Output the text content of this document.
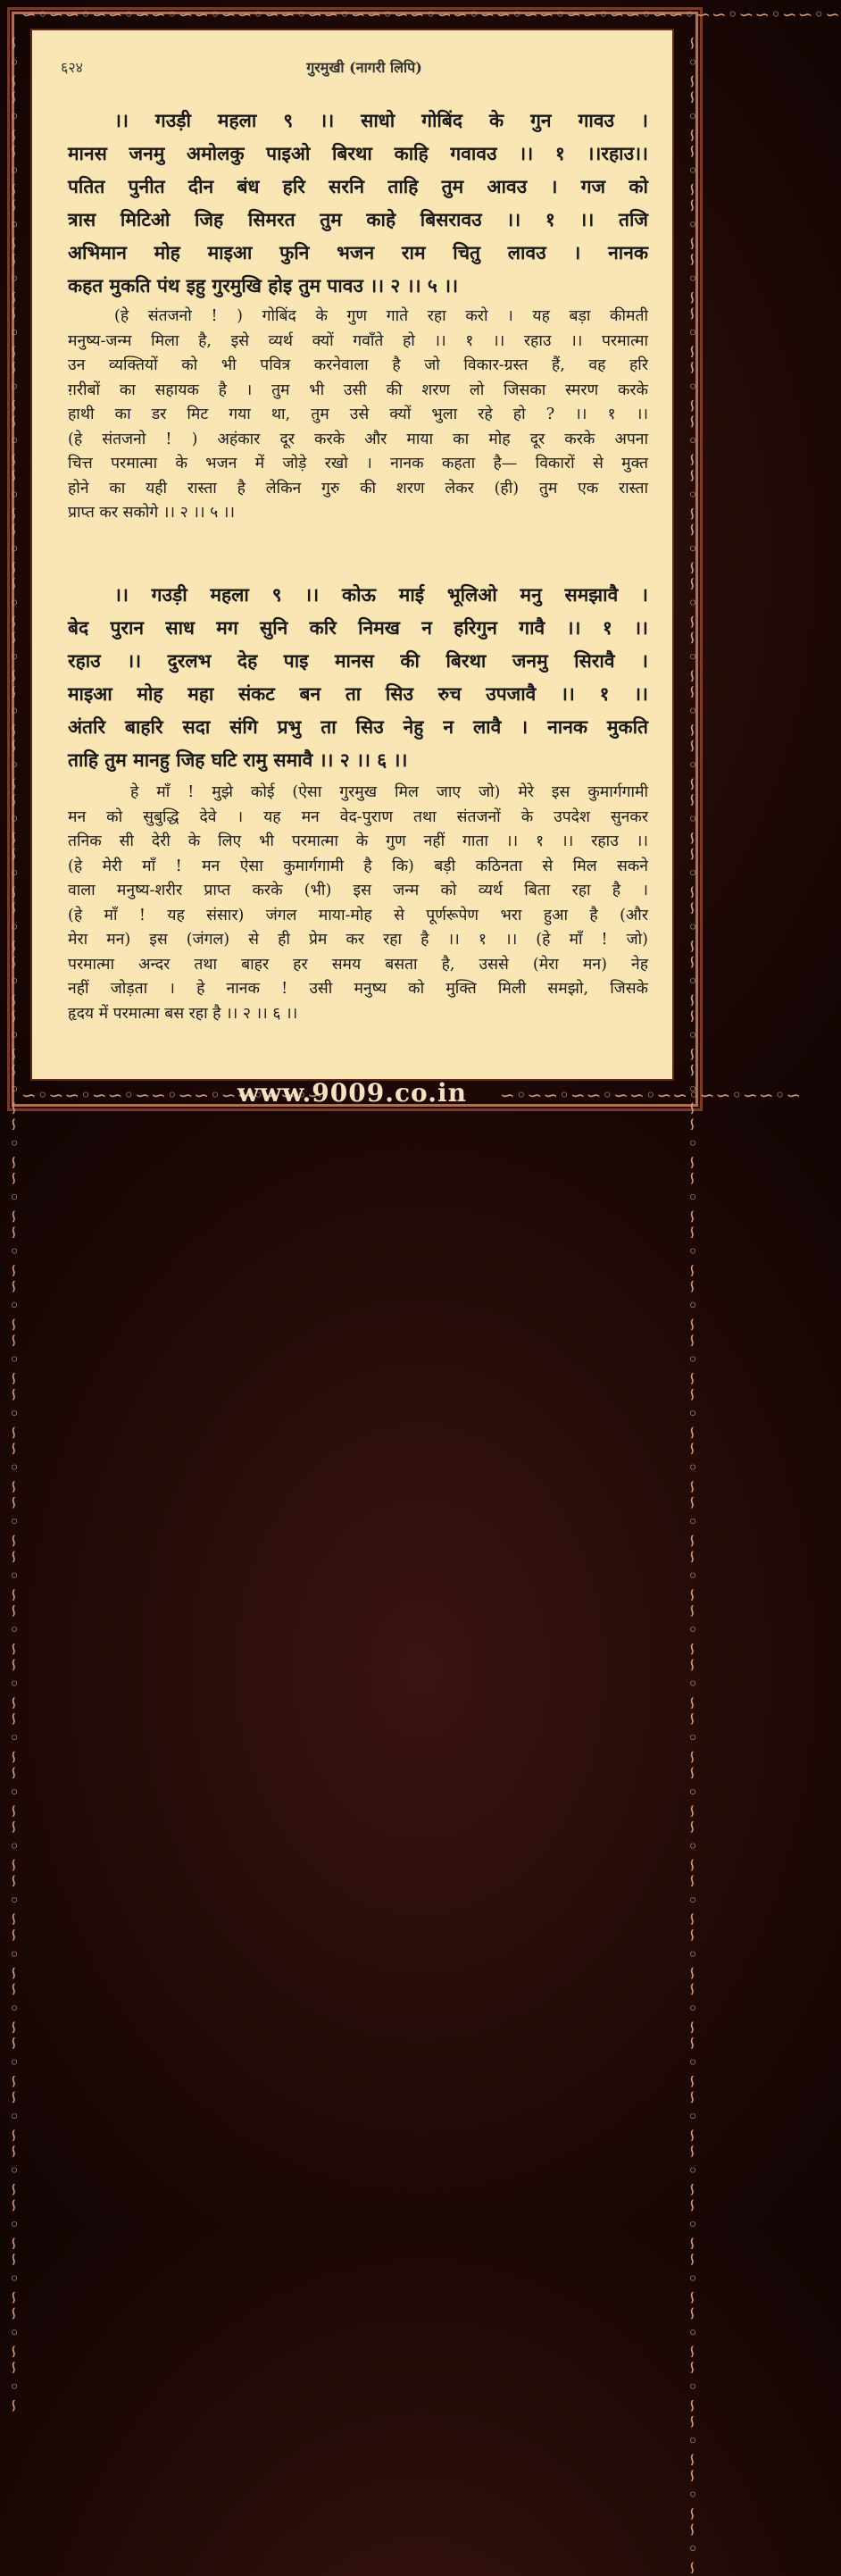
∽◦∽∽◦∽∽◦∽∽◦∽∽◦∽∽◦∽∽◦∽∽◦∽∽◦∽∽◦∽∽◦∽∽◦∽∽◦∽∽◦∽∽◦∽∽◦∽∽◦∽∽◦∽∽◦∽
∽◦∽∽◦∽∽◦∽∽◦∽∽◦∽∽◦∽∽◦∽∽◦∽∽◦∽∽◦∽∽◦∽∽◦∽∽◦∽∽◦∽∽◦∽∽◦∽∽◦∽∽◦∽∽◦∽∽◦∽∽◦∽∽◦∽∽◦∽∽◦∽∽◦∽∽◦∽∽◦∽∽◦∽∽◦∽∽◦∽∽◦∽∽◦∽∽◦∽∽◦∽∽◦∽∽◦∽∽◦∽∽◦∽∽◦∽∽◦∽∽◦∽∽◦∽∽◦∽∽◦∽	∽◦∽∽◦∽∽◦∽∽◦∽∽◦∽∽◦∽∽◦∽∽◦∽∽◦∽∽◦∽∽◦∽∽◦∽∽◦∽∽◦∽∽◦∽∽◦∽∽◦∽∽◦∽∽◦∽∽◦∽∽◦∽∽◦∽∽◦∽∽◦∽∽◦∽∽◦∽∽◦∽∽◦∽∽◦∽∽◦∽∽◦∽∽◦∽∽◦∽∽◦∽∽◦∽∽◦∽∽◦∽∽◦∽∽◦∽∽◦∽∽◦∽∽◦∽∽◦∽∽◦∽∽◦∽∽◦∽∽◦∽
गुरमुखी (नागरी लिपि)
६२४
।। गउड़ी महला ९ ।। साधो गोबिंद के गुन गावउ ।
मानस जनमु अमोलकु पाइओ बिरथा काहि गवावउ ।। १ ।।रहाउ।।
पतित पुनीत दीन बंध हरि सरनि ताहि तुम आवउ । गज को
त्रास मिटिओ जिह सिमरत तुम काहे बिसरावउ ।। १ ।। तजि
अभिमान मोह माइआ फुनि भजन राम चितु लावउ । नानक
कहत मुकति पंथ इहु गुरमुखि होइ तुम पावउ ।। २ ।। ५ ।।
(हे संतजनो ! ) गोबिंद के गुण गाते रहा करो । यह बड़ा कीमती
मनुष्य-जन्म मिला है, इसे व्यर्थ क्यों गवाँते हो ।। १ ।। रहाउ ।। परमात्मा
उन व्यक्तियों को भी पवित्र करनेवाला है जो विकार-ग्रस्त हैं, वह हरि
ग़रीबों का सहायक है । तुम भी उसी की शरण लो जिसका स्मरण करके
हाथी का डर मिट गया था, तुम उसे क्यों भुला रहे हो ? ।। १ ।।
(हे संतजनो ! ) अहंकार दूर करके और माया का मोह दूर करके अपना
चित्त परमात्मा के भजन में जोड़े रखो । नानक कहता है— विकारों से मुक्त
होने का यही रास्ता है लेकिन गुरु की शरण लेकर (ही) तुम एक रास्ता
प्राप्त कर सकोगे ।। २ ।। ५ ।।
।। गउड़ी महला ९ ।। कोऊ माई भूलिओ मनु समझावै ।
बेद पुरान साध मग सुनि करि निमख न हरिगुन गावै ।। १ ।।
रहाउ ।। दुरलभ देह पाइ मानस की बिरथा जनमु सिरावै ।
माइआ मोह महा संकट बन ता सिउ रुच उपजावै ।। १ ।।
अंतरि बाहरि सदा संगि प्रभु ता सिउ नेहु न लावै । नानक मुकति
ताहि तुम मानहु जिह घटि रामु समावै ।। २ ।। ६ ।।
हे माँ ! मुझे कोई (ऐसा गुरमुख मिल जाए जो) मेरे इस कुमार्गगामी
मन को सुबुद्धि देवे । यह मन वेद-पुराण तथा संतजनों के उपदेश सुनकर
तनिक सी देरी के लिए भी परमात्मा के गुण नहीं गाता ।। १ ।। रहाउ ।।
(हे मेरी माँ ! मन ऐसा कुमार्गगामी है कि) बड़ी कठिनता से मिल सकने
वाला मनुष्य-शरीर प्राप्त करके (भी) इस जन्म को व्यर्थ बिता रहा है ।
(हे माँ ! यह संसार) जंगल माया-मोह से पूर्णरूपेण भरा हुआ है (और
मेरा मन) इस (जंगल) से ही प्रेम कर रहा है ।। १ ।। (हे माँ ! जो)
परमात्मा अन्दर तथा बाहर हर समय बसता है, उससे (मेरा मन) नेह
नहीं जोड़ता । हे नानक ! उसी मनुष्य को मुक्ति मिली समझो, जिसके
हृदय में परमात्मा बस रहा है ।। २ ।। ६ ।।
∽◦∽∽◦∽∽◦∽∽◦∽∽◦∽∽◦∽∽◦∽	∽◦∽∽◦∽∽◦∽∽◦∽∽◦∽∽◦∽∽◦∽
www.9009.co.in
